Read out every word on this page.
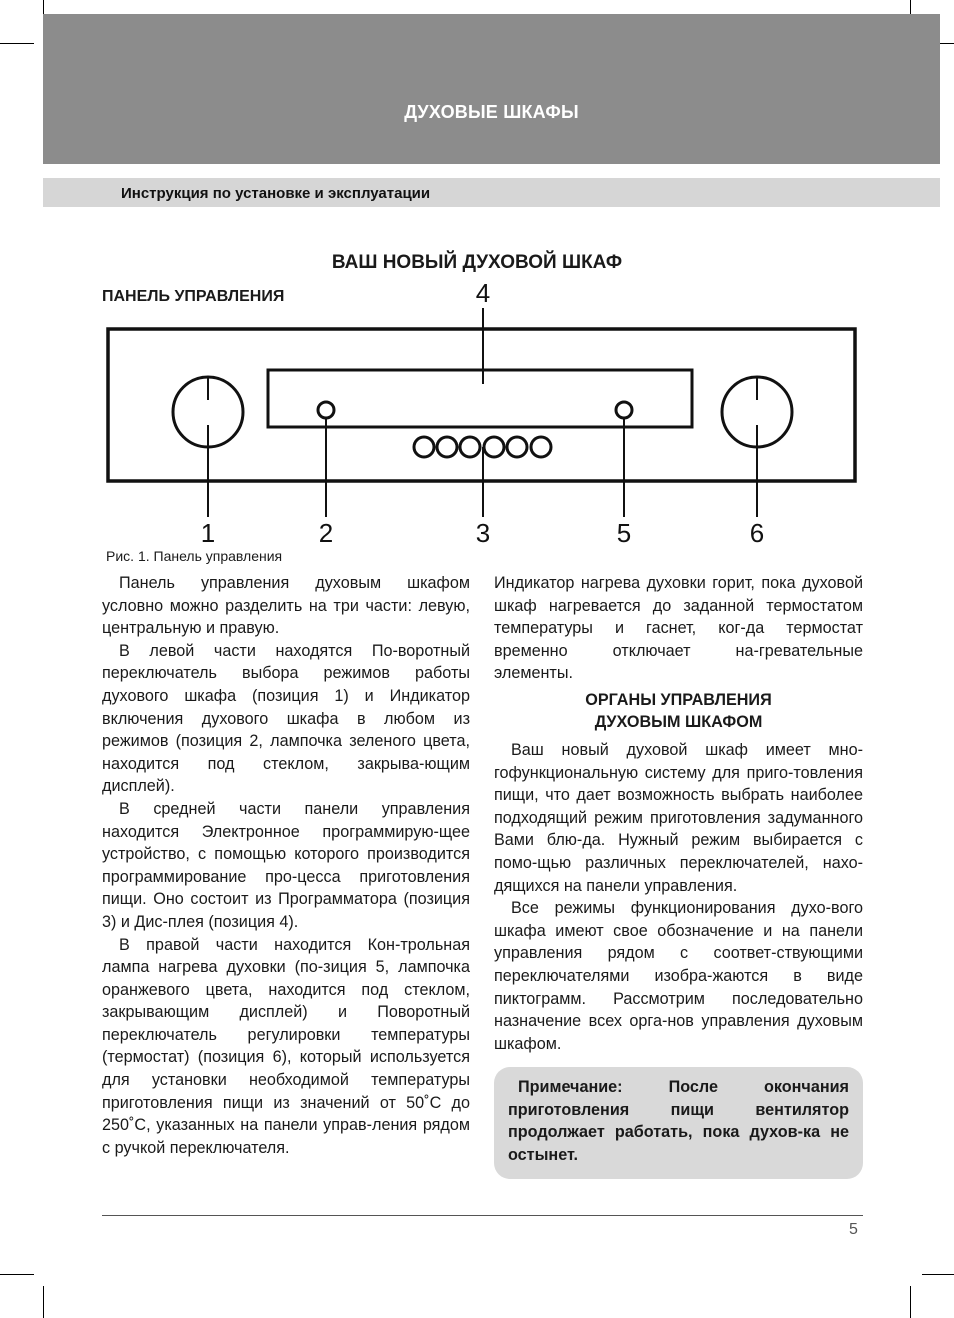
ДУХОВЫЕ ШКАФЫ
Инструкция по установке и эксплуатации
ВАШ НОВЫЙ ДУХОВОЙ ШКАФ
ПАНЕЛЬ УПРАВЛЕНИЯ	4
1	2	3	5	6
Рис. 1. Панель управления

Панель управления духовым шкафом условно можно разделить на три части: левую, центральную и правую.

В левой части находятся По-воротный переключатель выбора режимов работы духового шкафа (позиция 1) и Индикатор включения духового шкафа в любом из режимов (позиция 2, лампочка зеленого цвета, находится под стеклом, закрыва-ющим дисплей).

В средней части панели управления находится Электронное программирую-щее устройство, с помощью которого производится программирование про-цесса приготовления пищи. Оно состоит из Программатора (позиция 3) и Дис-плея (позиция 4).

В правой части находится Кон-трольная лампа нагрева духовки (по-зиция 5, лампочка оранжевого цвета, находится под стеклом, закрывающим дисплей) и Поворотный переключатель регулировки температуры (термостат) (позиция 6), который используется для установки необходимой температуры приготовления пищи из значений от 50˚С до 250˚С, указанных на панели управ-ления рядом с ручкой переключателя.

Индикатор нагрева духовки горит, пока духовой шкаф нагревается до заданной термостатом температуры и гаснет, ког-да термостат временно отключает на-гревательные элементы.

ОРГАНЫ УПРАВЛЕНИЯ
ДУХОВЫМ ШКАФОМ

Ваш новый духовой шкаф имеет мно-гофункциональную систему для приго-товления пищи, что дает возможность выбрать наиболее подходящий режим приготовления задуманного Вами блю-да. Нужный режим выбирается с помо-щью различных переключателей, нахо-дящихся на панели управления.

Все режимы функционирования духо-вого шкафа имеют свое обозначение и на панели управления рядом с соответ-ствующими переключателями изобра-жаются в виде пиктограмм. Рассмотрим последовательно назначение всех орга-нов управления духовым шкафом.

Примечание: После окончания приготовления пищи вентилятор продолжает работать, пока духов-ка не остынет.

5
